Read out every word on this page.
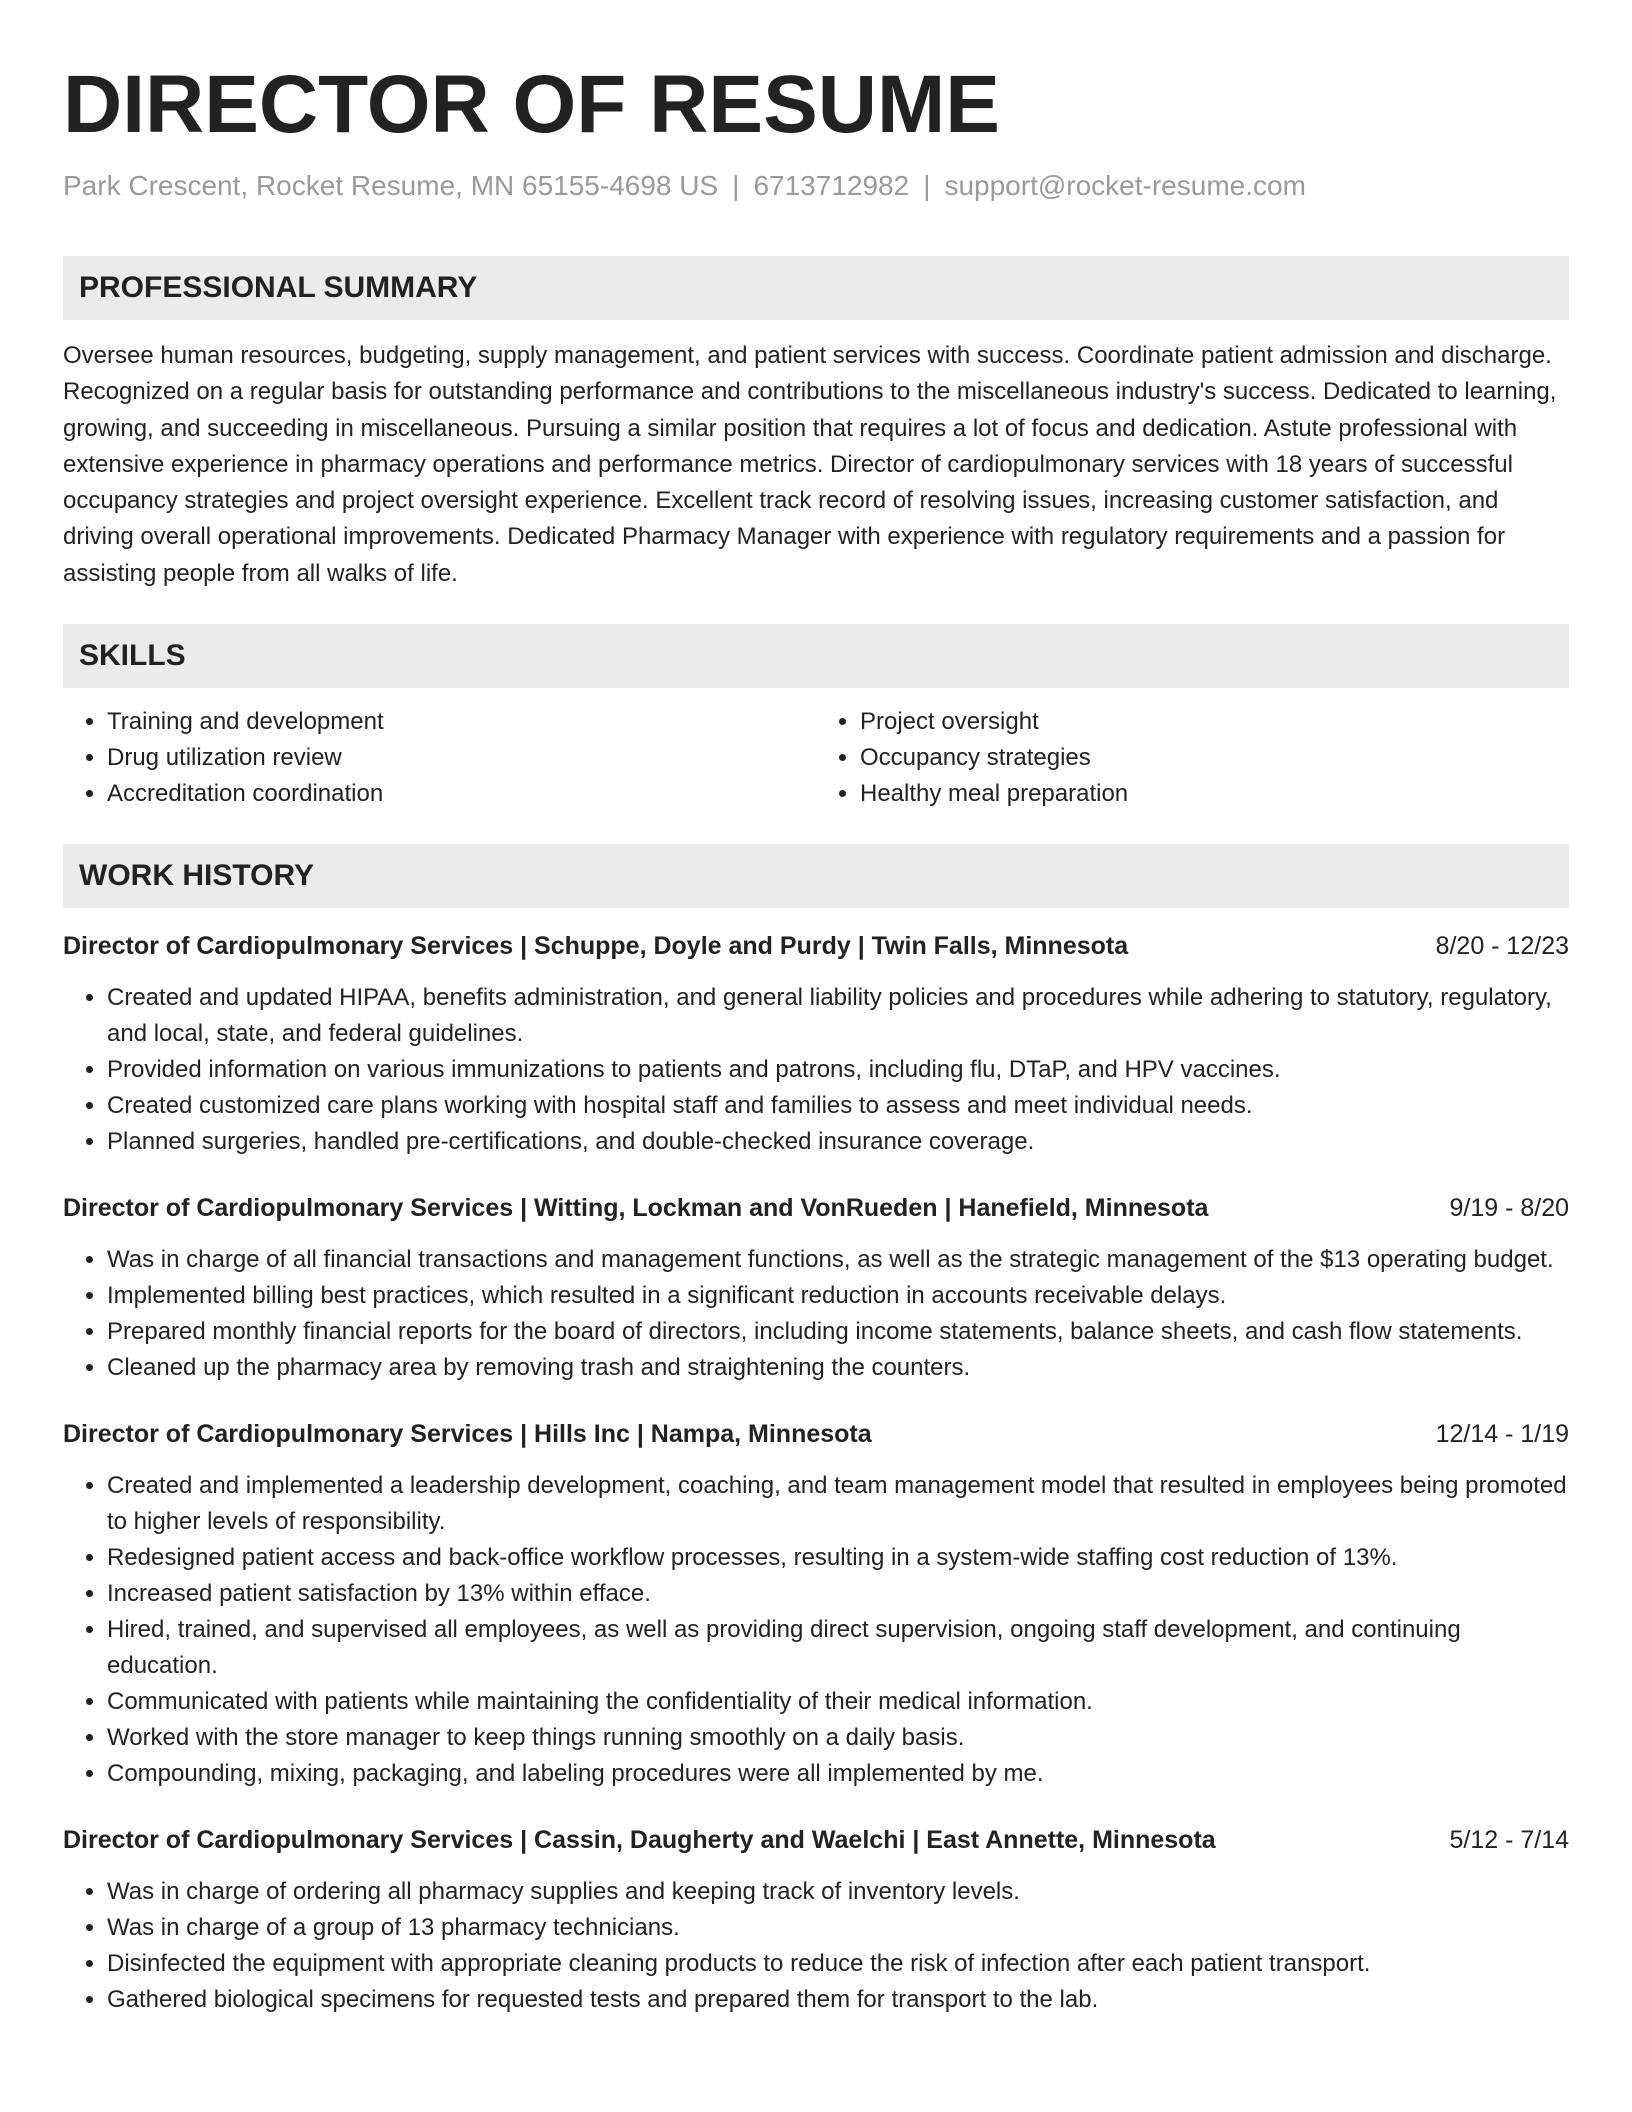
DIRECTOR OF RESUME
Park Crescent, Rocket Resume, MN 65155-4698 US | 6713712982 | support@rocket-resume.com
PROFESSIONAL SUMMARY
Oversee human resources, budgeting, supply management, and patient services with success. Coordinate patient admission and discharge. Recognized on a regular basis for outstanding performance and contributions to the miscellaneous industry's success. Dedicated to learning, growing, and succeeding in miscellaneous. Pursuing a similar position that requires a lot of focus and dedication. Astute professional with extensive experience in pharmacy operations and performance metrics. Director of cardiopulmonary services with 18 years of successful occupancy strategies and project oversight experience. Excellent track record of resolving issues, increasing customer satisfaction, and driving overall operational improvements. Dedicated Pharmacy Manager with experience with regulatory requirements and a passion for assisting people from all walks of life.
SKILLS
• Training and development
• Drug utilization review
• Accreditation coordination
• Project oversight
• Occupancy strategies
• Healthy meal preparation
WORK HISTORY
Director of Cardiopulmonary Services | Schuppe, Doyle and Purdy | Twin Falls, Minnesota	8/20 - 12/23
• Created and updated HIPAA, benefits administration, and general liability policies and procedures while adhering to statutory, regulatory, and local, state, and federal guidelines.
• Provided information on various immunizations to patients and patrons, including flu, DTaP, and HPV vaccines.
• Created customized care plans working with hospital staff and families to assess and meet individual needs.
• Planned surgeries, handled pre-certifications, and double-checked insurance coverage.
Director of Cardiopulmonary Services | Witting, Lockman and VonRueden | Hanefield, Minnesota	9/19 - 8/20
• Was in charge of all financial transactions and management functions, as well as the strategic management of the $13 operating budget.
• Implemented billing best practices, which resulted in a significant reduction in accounts receivable delays.
• Prepared monthly financial reports for the board of directors, including income statements, balance sheets, and cash flow statements.
• Cleaned up the pharmacy area by removing trash and straightening the counters.
Director of Cardiopulmonary Services | Hills Inc | Nampa, Minnesota	12/14 - 1/19
• Created and implemented a leadership development, coaching, and team management model that resulted in employees being promoted to higher levels of responsibility.
• Redesigned patient access and back-office workflow processes, resulting in a system-wide staffing cost reduction of 13%.
• Increased patient satisfaction by 13% within efface.
• Hired, trained, and supervised all employees, as well as providing direct supervision, ongoing staff development, and continuing education.
• Communicated with patients while maintaining the confidentiality of their medical information.
• Worked with the store manager to keep things running smoothly on a daily basis.
• Compounding, mixing, packaging, and labeling procedures were all implemented by me.
Director of Cardiopulmonary Services | Cassin, Daugherty and Waelchi | East Annette, Minnesota	5/12 - 7/14
• Was in charge of ordering all pharmacy supplies and keeping track of inventory levels.
• Was in charge of a group of 13 pharmacy technicians.
• Disinfected the equipment with appropriate cleaning products to reduce the risk of infection after each patient transport.
• Gathered biological specimens for requested tests and prepared them for transport to the lab.
